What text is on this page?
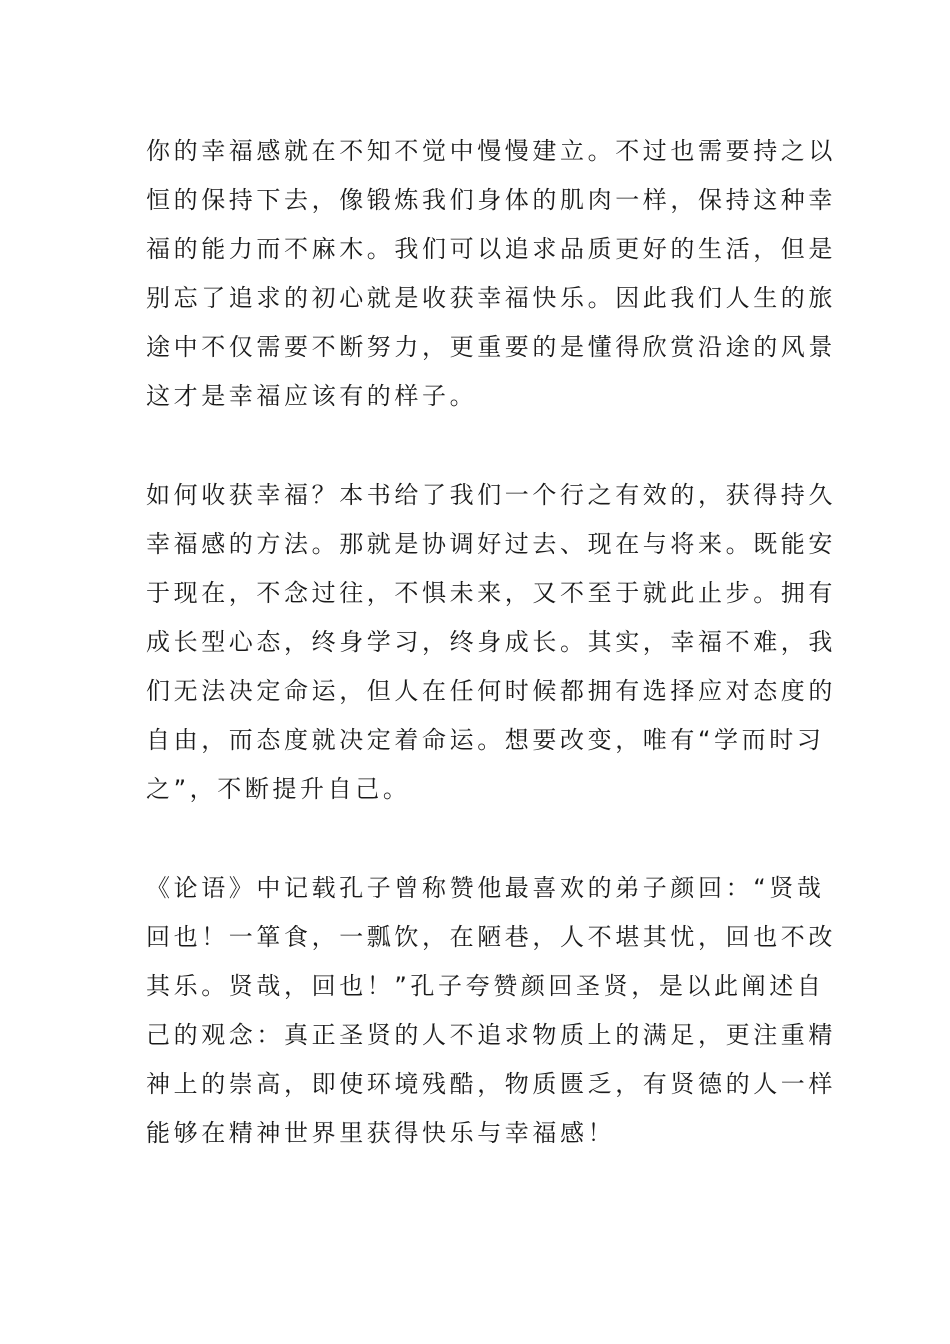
你的幸福感就在不知不觉中慢慢建立。不过也需要持之以
恒的保持下去，像锻炼我们身体的肌肉一样，保持这种幸
福的能力而不麻木。我们可以追求品质更好的生活，但是
别忘了追求的初心就是收获幸福快乐。因此我们人生的旅
途中不仅需要不断努力，更重要的是懂得欣赏沿途的风景
这才是幸福应该有的样子。
如何收获幸福？本书给了我们一个行之有效的，获得持久
幸福感的方法。那就是协调好过去、现在与将来。既能安
于现在，不念过往，不惧未来，又不至于就此止步。拥有
成长型心态，终身学习，终身成长。其实，幸福不难，我
们无法决定命运，但人在任何时候都拥有选择应对态度的
自由，而态度就决定着命运。想要改变，唯有“学而时习
之”，不断提升自己。
《论语》中记载孔子曾称赞他最喜欢的弟子颜回：“贤哉
回也！一箪食，一瓢饮，在陋巷，人不堪其忧，回也不改
其乐。贤哉，回也！”孔子夸赞颜回圣贤，是以此阐述自
己的观念：真正圣贤的人不追求物质上的满足，更注重精
神上的崇高，即使环境残酷，物质匮乏，有贤德的人一样
能够在精神世界里获得快乐与幸福感！
